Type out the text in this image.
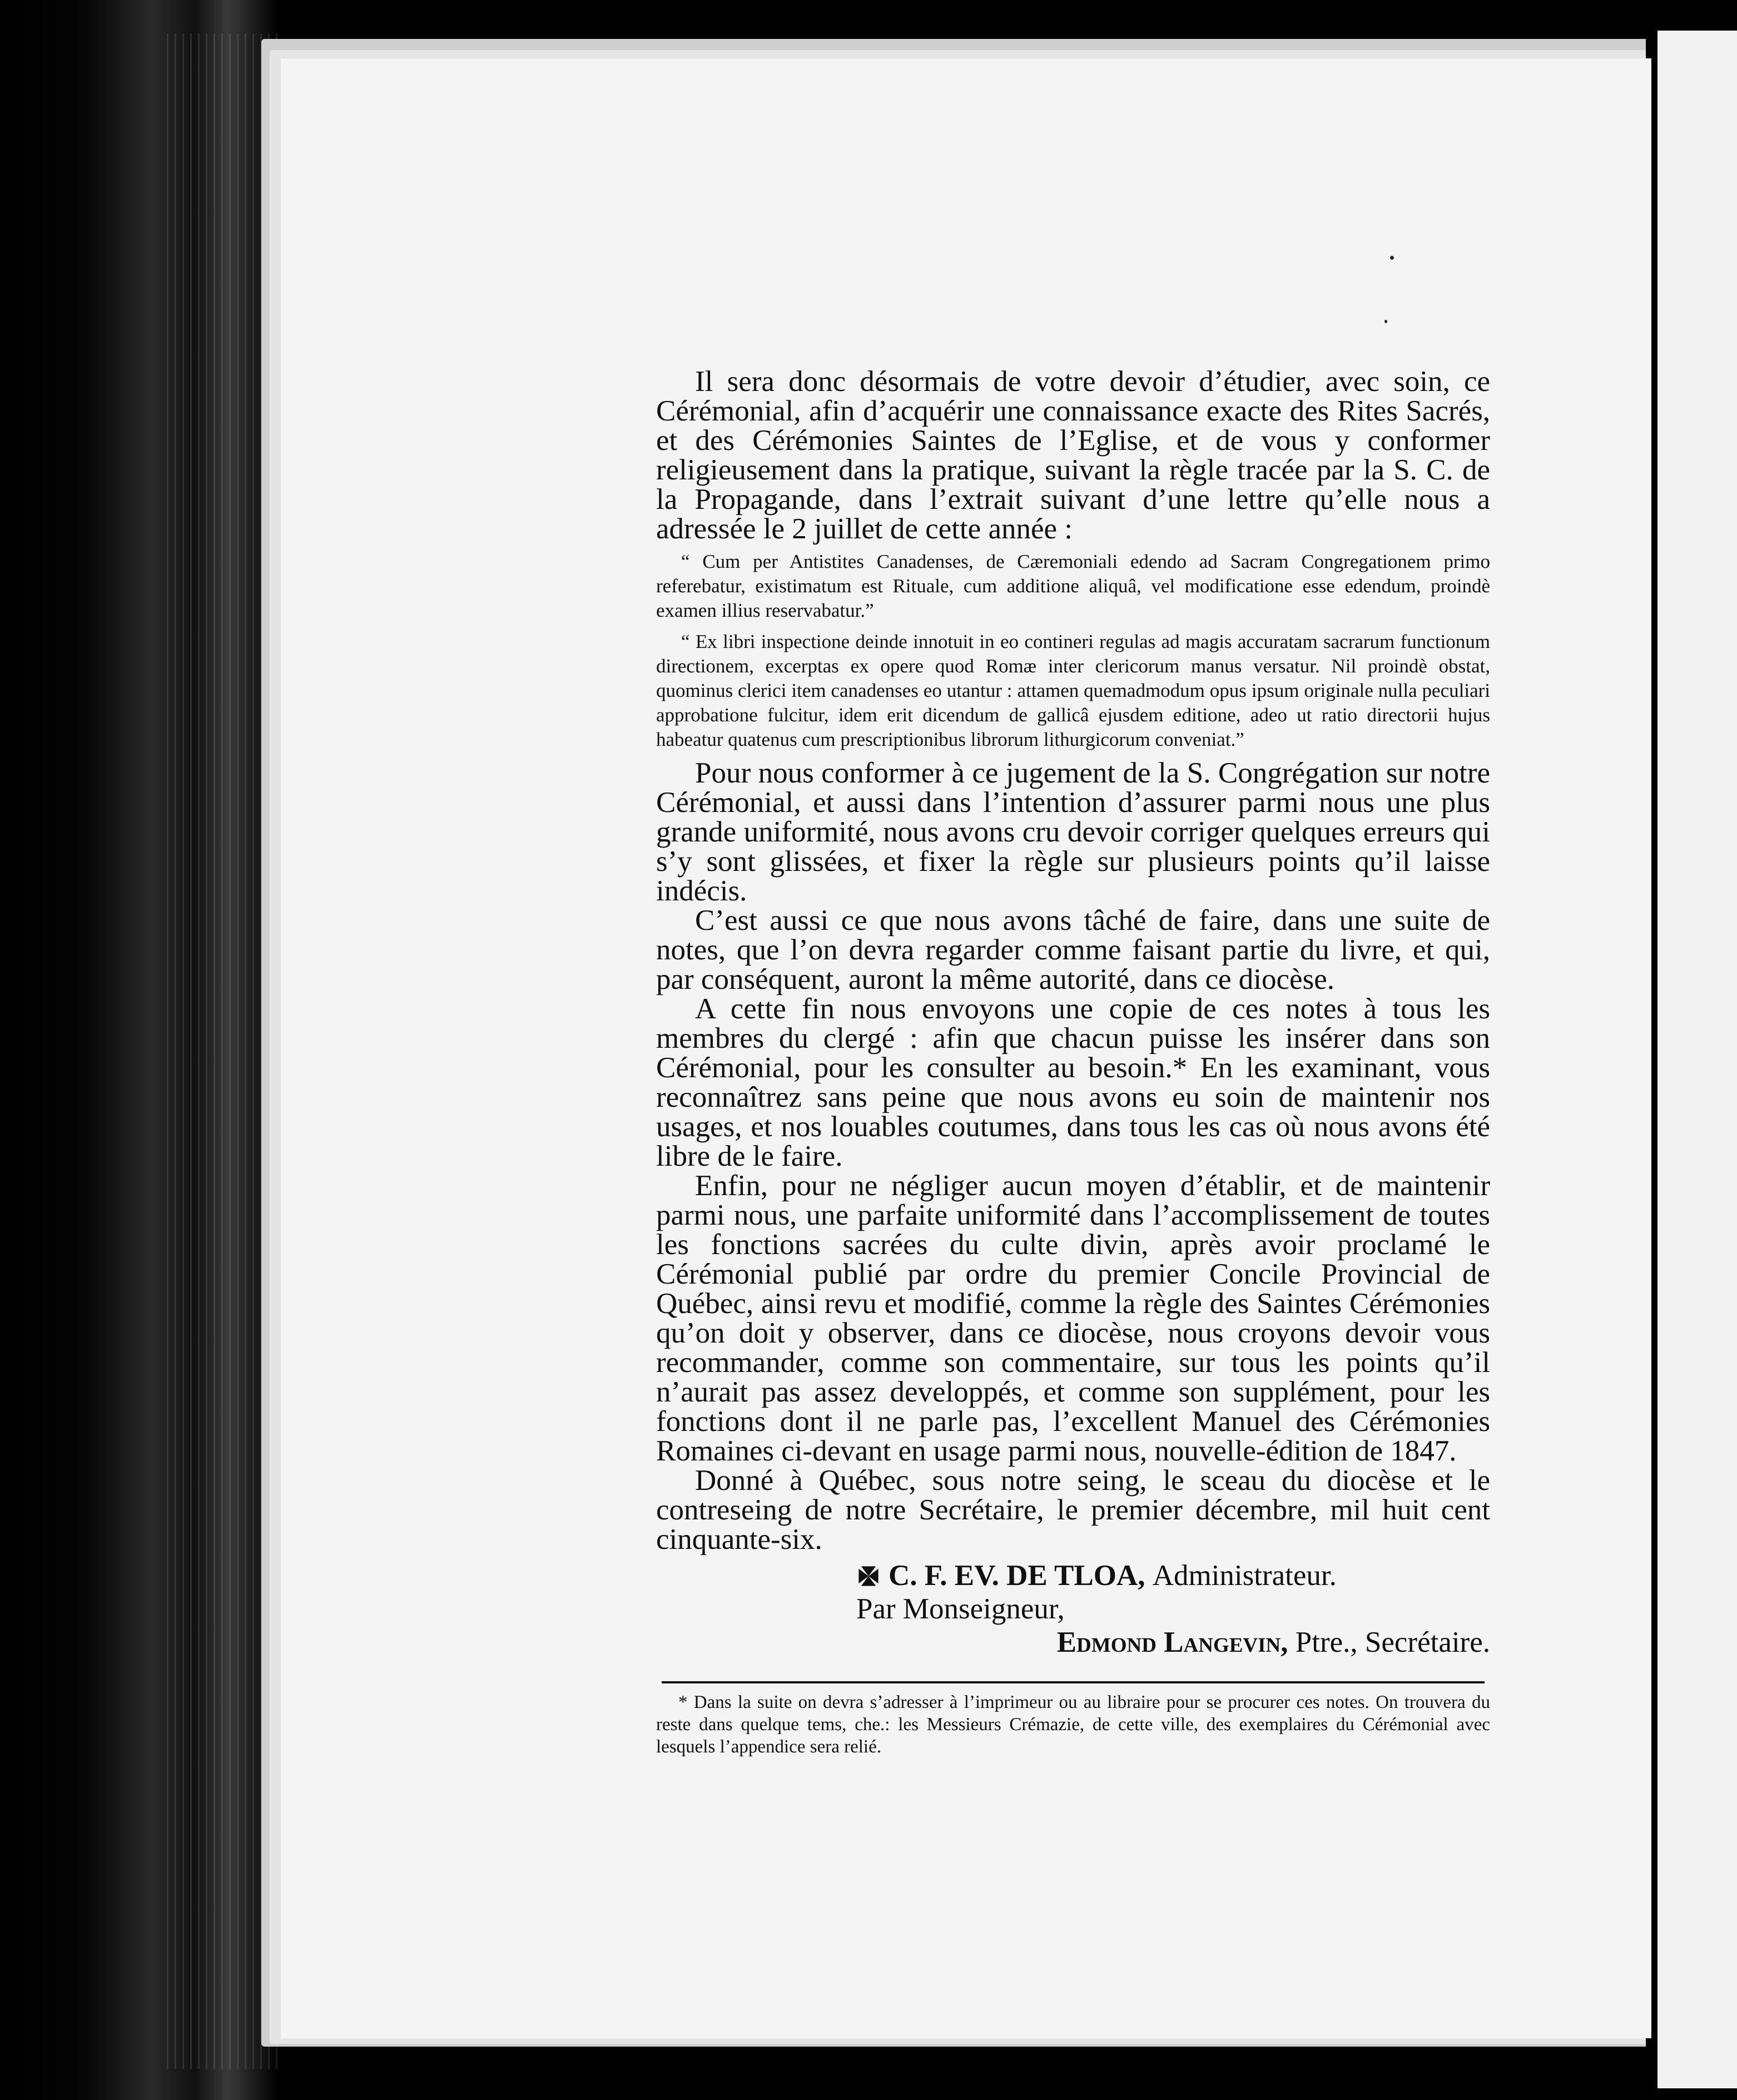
Il sera donc désormais de votre devoir d’étudier, avec soin, ce Cérémonial, afin d’acquérir une connaissance exacte des Rites Sacrés, et des Cérémonies Saintes de l’Eglise, et de vous y conformer religieusement dans la pratique, suivant la règle tracée par la S. C. de la Propagande, dans l’extrait suivant d’une lettre qu’elle nous a adressée le 2 juillet de cette année :

“ Cum per Antistites Canadenses, de Cæremoniali edendo ad Sacram Congregationem primo referebatur, existimatum est Rituale, cum additione aliquâ, vel modificatione esse edendum, proindè examen illius reservabatur.”

“ Ex libri inspectione deinde innotuit in eo contineri regulas ad magis accuratam sacrarum functionum directionem, excerptas ex opere quod Romæ inter clericorum manus versatur. Nil proindè obstat, quominus clerici item canadenses eo utantur : attamen quemadmodum opus ipsum originale nulla peculiari approbatione fulcitur, idem erit dicendum de gallicâ ejusdem editione, adeo ut ratio directorii hujus habeatur quatenus cum prescriptionibus librorum lithurgicorum conveniat.”

Pour nous conformer à ce jugement de la S. Congrégation sur notre Cérémonial, et aussi dans l’intention d’assurer parmi nous une plus grande uniformité, nous avons cru devoir corriger quelques erreurs qui s’y sont glissées, et fixer la règle sur plusieurs points qu’il laisse indécis.

C’est aussi ce que nous avons tâché de faire, dans une suite de notes, que l’on devra regarder comme faisant partie du livre, et qui, par conséquent, auront la même autorité, dans ce diocèse.

A cette fin nous envoyons une copie de ces notes à tous les membres du clergé : afin que chacun puisse les insérer dans son Cérémonial, pour les consulter au besoin.* En les examinant, vous reconnaîtrez sans peine que nous avons eu soin de maintenir nos usages, et nos louables coutumes, dans tous les cas où nous avons été libre de le faire.

Enfin, pour ne négliger aucun moyen d’établir, et de maintenir parmi nous, une parfaite uniformité dans l’accomplissement de toutes les fonctions sacrées du culte divin, après avoir proclamé le Cérémonial publié par ordre du premier Concile Provincial de Québec, ainsi revu et modifié, comme la règle des Saintes Cérémonies qu’on doit y observer, dans ce diocèse, nous croyons devoir vous recommander, comme son commentaire, sur tous les points qu’il n’aurait pas assez developpés, et comme son supplément, pour les fonctions dont il ne parle pas, l’excellent Manuel des Cérémonies Romaines ci-devant en usage parmi nous, nouvelle-édition de 1847.

Donné à Québec, sous notre seing, le sceau du diocèse et le contreseing de notre Secrétaire, le premier décembre, mil huit cent cinquante-six.

C. F. EV. DE TLOA, Administrateur.
Par Monseigneur,
Edmond Langevin, Ptre., Secrétaire.
* Dans la suite on devra s’adresser à l’imprimeur ou au libraire pour se procurer ces notes. On trouvera du reste dans quelque tems, che.: les Messieurs Crémazie, de cette ville, des exemplaires du Cérémonial avec lesquels l’appendice sera relié.
